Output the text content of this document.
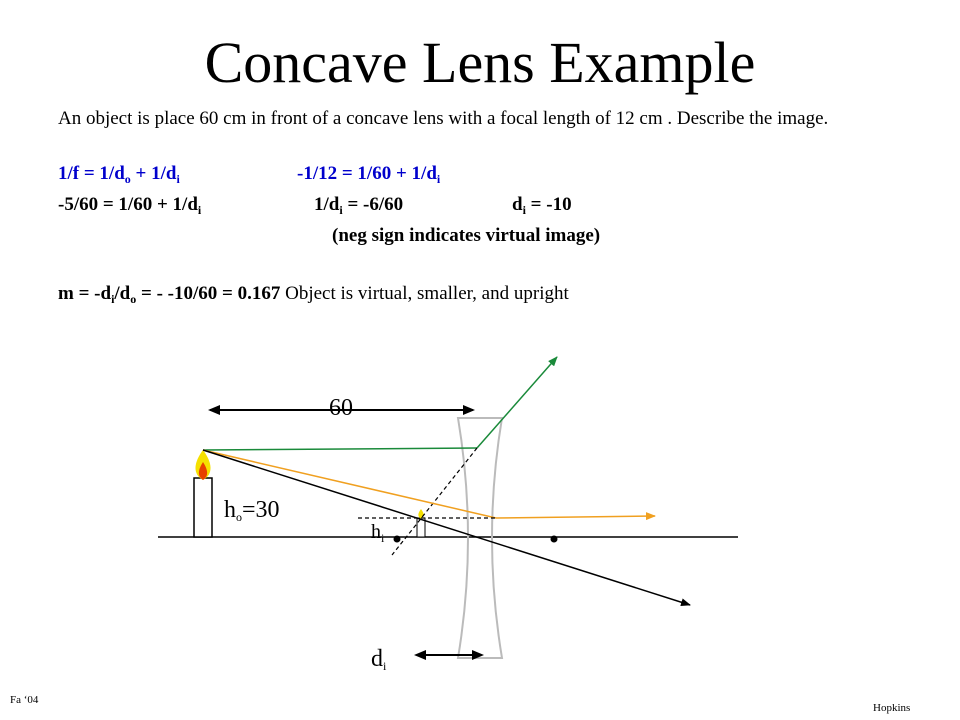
Concave Lens Example
An object is place 60 cm in front of a concave lens with a focal length of 12 cm . Describe the image.
$1/f = 1/d_o + 1/d_i$	$-1/12 = 1/60 + 1/d_i$
$-5/60 = 1/60 + 1/d_i$	$1/d_i = -6/60$	$d_i = -10$
(neg sign indicates virtual image)
$m = -d_i/d_o$ = - -10/60 = 0.167 Object is virtual, smaller, and upright
60
$h_o=30$
$h_i$
$d_i$
Fa ‘04
Hopkins
